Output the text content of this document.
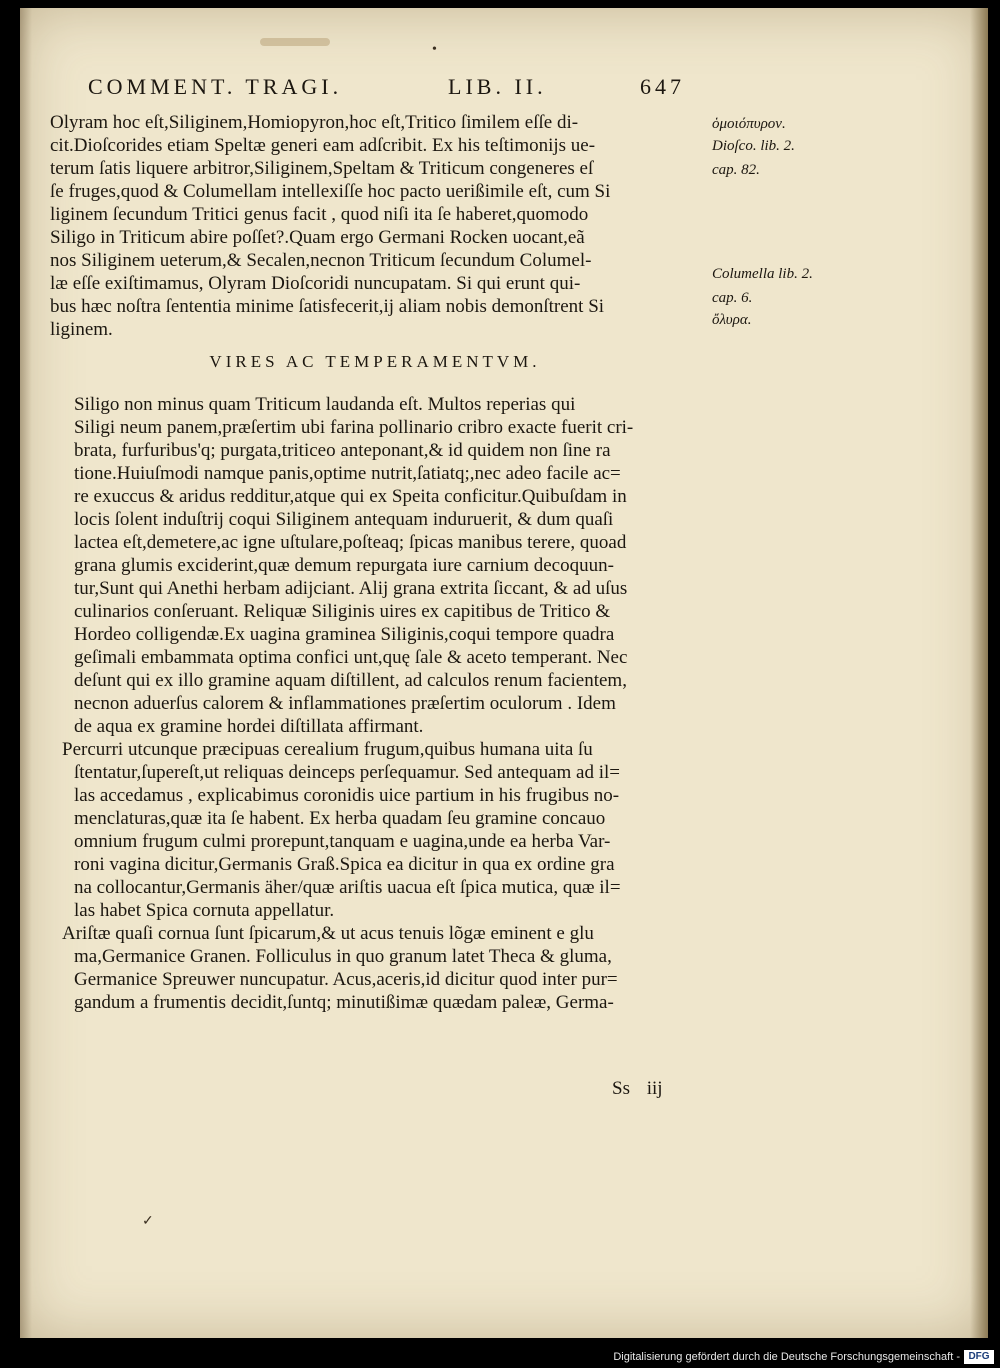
COMMENT. TRAGI.	LIB. II.	647
Olyram hoc eſt,Siliginem,Homiopyron,hoc eſt,Tritico ſimilem eſſe di-
cit.Dioſcorides etiam Speltæ generi eam adſcribit. Ex his teſtimonijs ue-
terum ſatis liquere arbitror,Siliginem,Speltam & Triticum congeneres eſ
ſe fruges,quod & Columellam intellexiſſe hoc pacto uerißimile eſt, cum Si
liginem ſecundum Tritici genus facit , quod niſi ita ſe haberet,quomodo
Siligo in Triticum abire poſſet?.Quam ergo Germani Rocken uocant,eã
nos Siliginem ueterum,& Secalen,necnon Triticum ſecundum Columel-
læ eſſe exiſtimamus, Olyram Dioſcoridi nuncupatam. Si qui erunt qui-
bus hæc noſtra ſententia minime ſatisfecerit,ij aliam nobis demonſtrent Si
liginem.
VIRES AC TEMPERAMENTVM.
Siligo non minus quam Triticum laudanda eſt. Multos reperias qui
Siligi neum panem,præſertim ubi farina pollinario cribro exacte fuerit cri-
brata, furfuribus'q; purgata,triticeo anteponant,& id quidem non ſine ra
tione.Huiuſmodi namque panis,optime nutrit,ſatiatq;,nec adeo facile ac=
re exuccus & aridus redditur,atque qui ex Speita conficitur.Quibuſdam in
locis ſolent induſtrij coqui Siliginem antequam induruerit, & dum quaſi
lactea eſt,demetere,ac igne uſtulare,poſteaq; ſpicas manibus terere, quoad
grana glumis exciderint,quæ demum repurgata iure carnium decoquun-
tur,Sunt qui Anethi herbam adijciant. Alij grana extrita ſiccant, & ad uſus
culinarios conſeruant. Reliquæ Siliginis uires ex capitibus de Tritico &
Hordeo colligendæ.Ex uagina graminea Siliginis,coqui tempore quadra
geſimali embammata optima confici unt,quę ſale & aceto temperant. Nec
deſunt qui ex illo gramine aquam diſtillent, ad calculos renum facientem,
necnon aduerſus calorem & inflammationes præſertim oculorum . Idem
de aqua ex gramine hordei diſtillata affirmant.
Percurri utcunque præcipuas cerealium frugum,quibus humana uita ſu
ſtentatur,ſupereſt,ut reliquas deinceps perſequamur. Sed antequam ad il=
las accedamus , explicabimus coronidis uice partium in his frugibus no-
menclaturas,quæ ita ſe habent. Ex herba quadam ſeu gramine concauo
omnium frugum culmi prorepunt,tanquam e uagina,unde ea herba Var-
roni vagina dicitur,Germanis Graß.Spica ea dicitur in qua ex ordine gra
na collocantur,Germanis äher/quæ ariſtis uacua eſt ſpica mutica, quæ il=
las habet Spica cornuta appellatur.
Ariſtæ quaſi cornua ſunt ſpicarum,& ut acus tenuis lõgæ eminent e glu
ma,Germanice Granen. Folliculus in quo granum latet Theca & gluma,
Germanice Spreuwer nuncupatur. Acus,aceris,id dicitur quod inter pur=
gandum a frumentis decidit,ſuntq; minutißimæ quædam paleæ, Germa-
Ss iij
ὁμοιόπυρον.
Dioſco. lib. 2.
cap. 82.
Columella lib. 2.
cap. 6.
ὄλυρα.
✓
•
Digitalisierung gefördert durch die Deutsche Forschungsgemeinschaft - DFG
